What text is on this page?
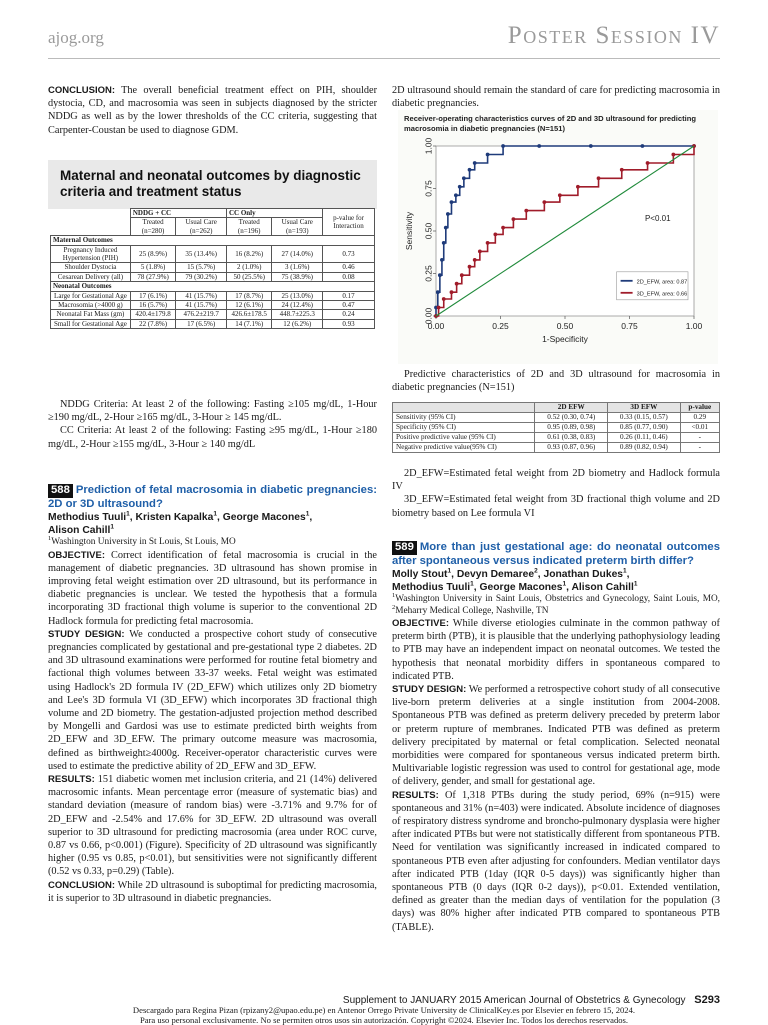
ajog.org	Poster Session IV

CONCLUSION: The overall beneficial treatment effect on PIH, shoulder dystocia, CD, and macrosomia was seen in subjects diagnosed by the stricter NDDG as well as by the lower thresholds of the CC criteria, suggesting that Carpenter-Coustan be used to diagnose GDM.

Maternal and neonatal outcomes by diagnostic criteria and treatment status
	NDDG + CC		CC Only		p-value for Interaction
	Treated (n=280)	Usual Care (n=262)	Treated (n=196)	Usual Care (n=193)	
Maternal Outcomes					
Pregnancy Induced Hypertension (PIH)	25 (8.9%)	35 (13.4%)	16 (8.2%)	27 (14.0%)	0.73
Shoulder Dystocia	5 (1.8%)	15 (5.7%)	2 (1.0%)	3 (1.6%)	0.46
Cesarean Delivery (all)	78 (27.9%)	79 (30.2%)	50 (25.5%)	75 (38.9%)	0.08
Neonatal Outcomes					
Large for Gestational Age	17 (6.1%)	41 (15.7%)	17 (8.7%)	25 (13.0%)	0.17
Macrosomia (>4000 g)	16 (5.7%)	41 (15.7%)	12 (6.1%)	24 (12.4%)	0.47
Neonatal Fat Mass (gm)	420.4±179.8	476.2±219.7	426.6±178.5	448.7±225.3	0.24
Small for Gestational Age	22 (7.8%)	17 (6.5%)	14 (7.1%)	12 (6.2%)	0.93

NDDG Criteria: At least 2 of the following: Fasting ≥105 mg/dL, 1-Hour ≥190 mg/dL, 2-Hour ≥165 mg/dL, 3-Hour ≥ 145 mg/dL.

CC Criteria: At least 2 of the following: Fasting ≥95 mg/dL, 1-Hour ≥180 mg/dL, 2-Hour ≥155 mg/dL, 3-Hour ≥ 140 mg/dL

588 Prediction of fetal macrosomia in diabetic pregnancies: 2D or 3D ultrasound?
Methodius Tuuli$^1$, Kristen Kapalka$^1$, George Macones$^1$,
Alison Cahill$^1$
$^1$Washington University in St Louis, St Louis, MO

OBJECTIVE: Correct identification of fetal macrosomia is crucial in the management of diabetic pregnancies. 3D ultrasound has shown promise in improving fetal weight estimation over 2D ultrasound, but its performance in diabetic pregnancies is unclear. We tested the hypothesis that a formula incorporating 3D fractional thigh volume is superior to the conventional 2D Hadlock formula for predicting fetal macrosomia.

STUDY DESIGN: We conducted a prospective cohort study of consecutive pregnancies complicated by gestational and pre-gestational type 2 diabetes. 2D and 3D ultrasound examinations were performed for routine fetal biometry and factional thigh volumes between 33-37 weeks. Fetal weight was estimated using Hadlock's 2D formula IV (2D_EFW) which utilizes only 2D biometry and Lee's 3D formula VI (3D_EFW) which incorporates 3D fractional thigh volume and 2D biometry. The gestation-adjusted projection method described by Mongelli and Gardosi was use to estimate predicted birth weights from 2D_EFW and 3D_EFW. The primary outcome measure was macrosomia, defined as birthweight≥4000g. Receiver-operator characteristic curves were used to estimate the predictive ability of 2D_EFW and 3D_EFW.

RESULTS: 151 diabetic women met inclusion criteria, and 21 (14%) delivered macrosomic infants. Mean percentage error (measure of systematic bias) and standard deviation (measure of random bias) were -3.71% and 9.7% for of 2D_EFW and -2.54% and 17.6% for 3D_EFW. 2D ultrasound was overall superior to 3D ultrasound for predicting macrosomia (area under ROC curve, 0.87 vs 0.66, p<0.001) (Figure). Specificity of 2D ultrasound was significantly higher (0.95 vs 0.85, p<0.01), but sensitivities were not significantly different (0.52 vs 0.33, p=0.29) (Table).

CONCLUSION: While 2D ultrasound is suboptimal for predicting macrosomia, it is superior to 3D ultrasound in diabetic pregnancies.

2D ultrasound should remain the standard of care for predicting macrosomia in diabetic pregnancies.

Receiver-operating characteristics curves of 2D and 3D ultrasound for predicting
macrosomia in diabetic pregnancies (N=151)
0.00	0.25	0.50	0.75	1.00
0.00
0.25
0.50
0.75
1.00
1-Specificity
Sensitivity	P<0.01
2D_EFW, area: 0.87
3D_EFW, area: 0.66

Predictive characteristics of 2D and 3D ultrasound for macrosomia in diabetic pregnancies (N=151)

	2D EFW	3D EFW	p-value
Sensitivity (95% CI)	0.52 (0.30, 0.74)	0.33 (0.15, 0.57)	0.29
Specificity (95% CI)	0.95 (0.89, 0.98)	0.85 (0.77, 0.90)	<0.01
Positive predictive value (95% CI)	0.61 (0.38, 0.83)	0.26 (0.11, 0.46)	-
Negative predictive value(95% CI)	0.93 (0.87, 0.96)	0.89 (0.82, 0.94)	-

2D_EFW=Estimated fetal weight from 2D biometry and Hadlock formula IV

3D_EFW=Estimated fetal weight from 3D fractional thigh volume and 2D biometry based on Lee formula VI

589 More than just gestational age: do neonatal outcomes after spontaneous versus indicated preterm birth differ?
Molly Stout$^1$, Devyn Demaree$^2$, Jonathan Dukes$^1$,
Methodius Tuuli$^1$, George Macones$^1$, Alison Cahill$^1$
$^1$Washington University in Saint Louis, Obstetrics and Gynecology, Saint Louis, MO, $^2$Meharry Medical College, Nashville, TN

OBJECTIVE: While diverse etiologies culminate in the common pathway of preterm birth (PTB), it is plausible that the underlying pathophysiology leading to PTB may have an independent impact on neonatal outcomes. We tested the hypothesis that neonatal morbidity differs in spontaneous compared to indicated PTB.

STUDY DESIGN: We performed a retrospective cohort study of all consecutive live-born preterm deliveries at a single institution from 2004-2008. Spontaneous PTB was defined as preterm delivery preceded by preterm labor or preterm rupture of membranes. Indicated PTB was defined as preterm delivery precipitated by maternal or fetal complication. Selected neonatal morbidities were compared for spontaneous versus indicated preterm birth. Multivariable logistic regression was used to control for gestational age, mode of delivery, gender, and small for gestational age.

RESULTS: Of 1,318 PTBs during the study period, 69% (n=915) were spontaneous and 31% (n=403) were indicated. Absolute incidence of diagnoses of respiratory distress syndrome and broncho-pulmonary dysplasia were higher after indicated PTBs but were not statistically different from spontaneous PTB. Need for ventilation was significantly increased in indicated compared to spontaneous PTB even after adjusting for confounders. Median ventilator days after indicated PTB (1day (IQR 0-5 days)) was significantly higher than spontaneous PTB (0 days (IQR 0-2 days)), p<0.01. Extended ventilation, defined as greater than the median days of ventilation for the population (3 days) was 80% higher after indicated PTB compared to spontaneous PTB (TABLE).

Supplement to JANUARY 2015 American Journal of Obstetrics & Gynecology S293
Descargado para Regina Pizan (rpizany2@upao.edu.pe) en Antenor Orrego Private University de ClinicalKey.es por Elsevier en febrero 15, 2024.
Para uso personal exclusivamente. No se permiten otros usos sin autorización. Copyright ©2024. Elsevier Inc. Todos los derechos reservados.
